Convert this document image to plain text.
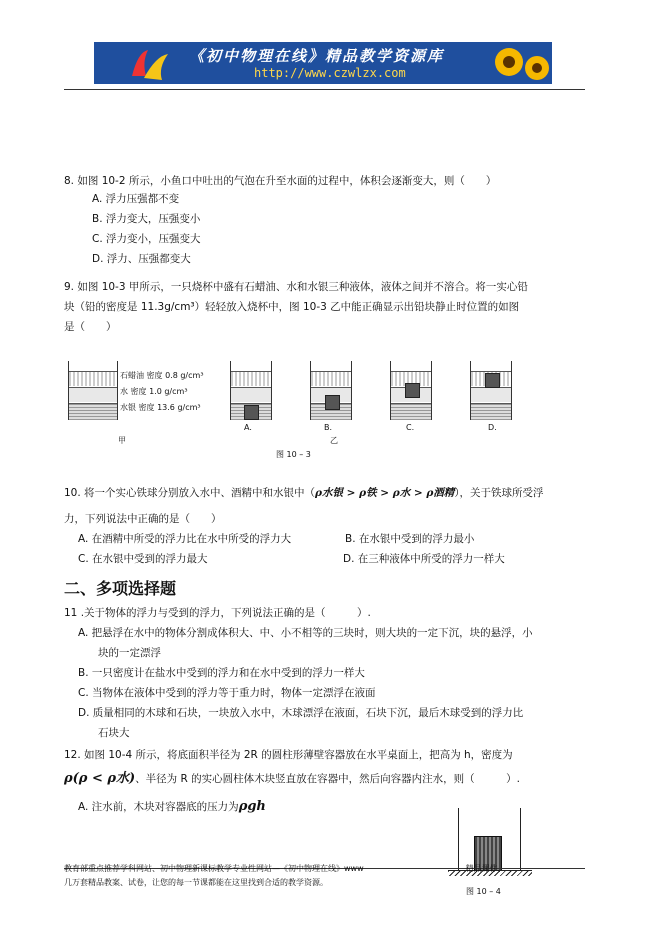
《初中物理在线》精品教学资源库
http://www.czwlzx.com
8. 如图 10-2 所示，小鱼口中吐出的气泡在升至水面的过程中，体积会逐渐变大，则（　　）
A. 浮力压强都不变
B. 浮力变大，压强变小
C. 浮力变小，压强变大
D. 浮力、压强都变大
9. 如图 10-3 甲所示，一只烧杯中盛有石蜡油、水和水银三种液体，液体之间并不溶合。将一实心铅
块（铅的密度是 11.3g/cm³）轻轻放入烧杯中，图 10-3 乙中能正确显示出铅块静止时位置的如图
是（　　）
石蜡油 密度 0.8 g/cm³
水 密度 1.0 g/cm³
水银 密度 13.6 g/cm³
甲
A.	B.	C.	D.
乙
图 10 – 3
10. 将一个实心铁球分别放入水中、酒精中和水银中（ρ水银 > ρ铁 > ρ水 > ρ酒精），关于铁球所受浮
力，下列说法中正确的是（　　）
A. 在酒精中所受的浮力比在水中所受的浮力大	B. 在水银中受到的浮力最小
C. 在水银中受到的浮力最大	D. 在三种液体中所受的浮力一样大
二、多项选择题
11 .关于物体的浮力与受到的浮力，下列说法正确的是（　　　）.
A. 把悬浮在水中的物体分割成体积大、中、小不相等的三块时，则大块的一定下沉，块的悬浮，小
块的一定漂浮
B. 一只密度计在盐水中受到的浮力和在水中受到的浮力一样大
C. 当物体在液体中受到的浮力等于重力时，物体一定漂浮在液面
D. 质量相同的木球和石块，一块放入水中，木球漂浮在液面，石块下沉，最后木球受到的浮力比
石块大
12. 如图 10-4 所示，将底面积半径为 2R 的圆柱形薄壁容器放在水平桌面上，把高为 h，密度为
ρ(ρ < ρ水)、半径为 R 的实心圆柱体木块竖直放在容器中，然后向容器内注水，则（　　　）.
A. 注水前，木块对容器底的压力为ρgh
图 10 – 4
教育部重点推荐学科网站、初中物理新课标教学专业性网站—《初中物理在线》www	精品课件、
几万套精品教案、试卷，让您的每一节课都能在这里找到合适的教学资源。
